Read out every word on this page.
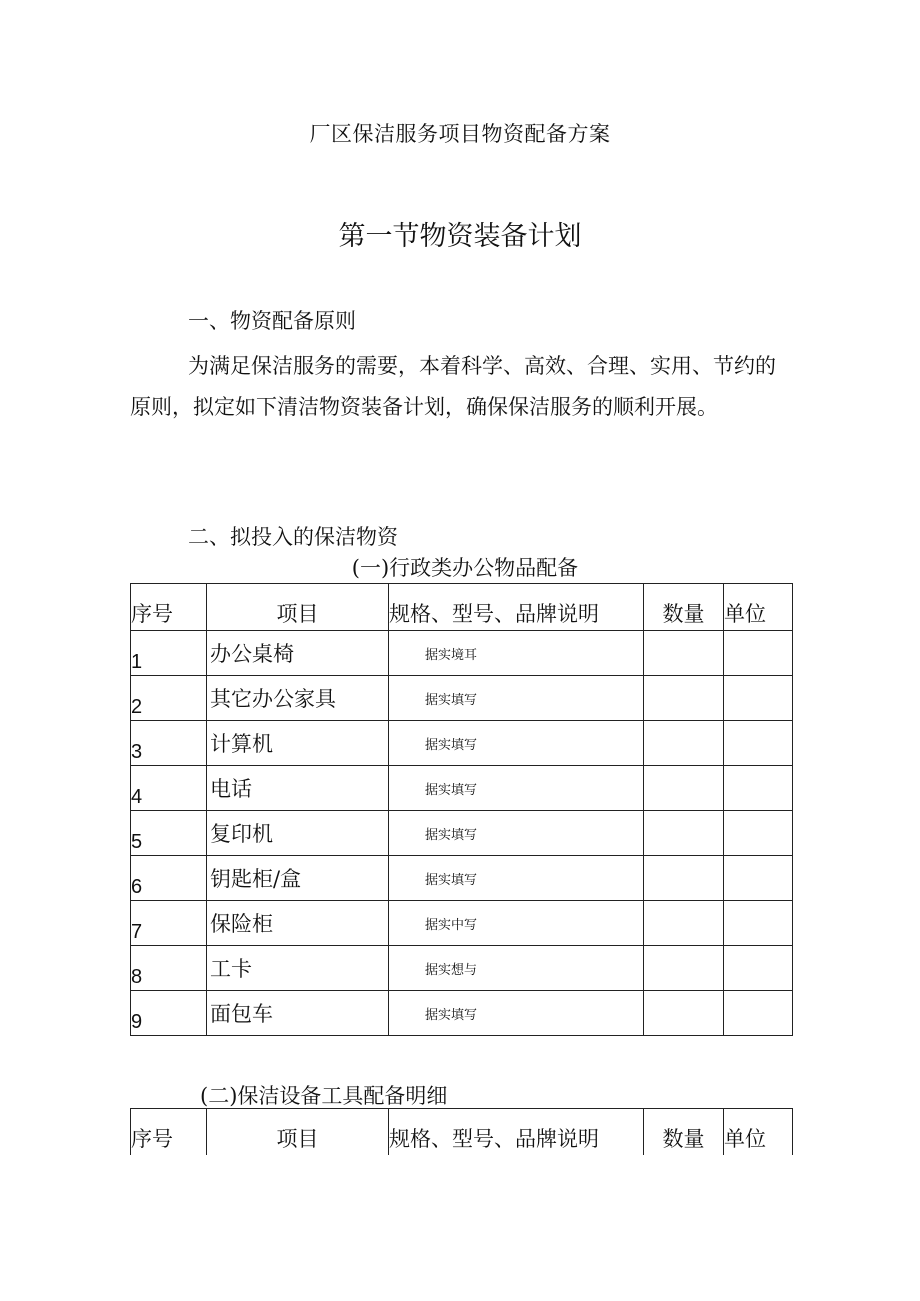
厂区保洁服务项目物资配备方案
第一节物资装备计划
一、物资配备原则
为满足保洁服务的需要，本着科学、高效、合理、实用、节约的原则，拟定如下清洁物资装备计划，确保保洁服务的顺利开展。
二、拟投入的保洁物资
(一)行政类办公物品配备
序号	项目	规格、型号、品牌说明	数量	单位
1	办公桌椅	据实境耳		
2	其它办公家具	据实填写		
3	计算机	据实填写		
4	电话	据实填写		
5	复印机	据实填写		
6	钥匙柜/盒	据实填写		
7	保险柜	据实中写		
8	工卡	据实想与		
9	面包车	据实填写		
(二)保洁设备工具配备明细
序号	项目	规格、型号、品牌说明	数量	单位
